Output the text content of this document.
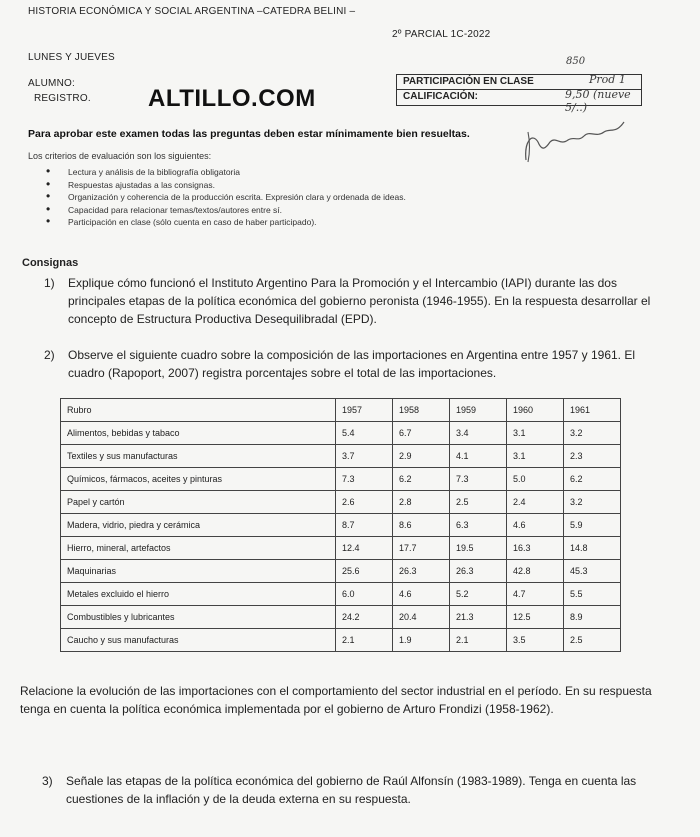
HISTORIA ECONÓMICA Y SOCIAL ARGENTINA –CATEDRA BELINI –
2º PARCIAL 1C-2022
LUNES Y JUEVES
ALUMNO:
REGISTRO. ALTILLO.COM
850
PARTICIPACIÓN EN CLASE	Prod 1
CALIFICACIÓN:	9,50 (nueve 5/..)
Para aprobar este examen todas las preguntas deben estar mínimamente bien resueltas.
Los criterios de evaluación son los siguientes:
• Lectura y análisis de la bibliografía obligatoria
• Respuestas ajustadas a las consignas.
• Organización y coherencia de la producción escrita. Expresión clara y ordenada de ideas.
• Capacidad para relacionar temas/textos/autores entre sí.
• Participación en clase (sólo cuenta en caso de haber participado).
Consignas
1) Explique cómo funcionó el Instituto Argentino Para la Promoción y el Intercambio (IAPI) durante las dos principales etapas de la política económica del gobierno peronista (1946-1955). En la respuesta desarrollar el concepto de Estructura Productiva Desequilibradal (EPD).
2) Observe el siguiente cuadro sobre la composición de las importaciones en Argentina entre 1957 y 1961. El cuadro (Rapoport, 2007) registra porcentajes sobre el total de las importaciones.
Rubro	1957	1958	1959	1960	1961
Alimentos, bebidas y tabaco	5.4	6.7	3.4	3.1	3.2
Textiles y sus manufacturas	3.7	2.9	4.1	3.1	2.3
Químicos, fármacos, aceites y pinturas	7.3	6.2	7.3	5.0	6.2
Papel y cartón	2.6	2.8	2.5	2.4	3.2
Madera, vidrio, piedra y cerámica	8.7	8.6	6.3	4.6	5.9
Hierro, mineral, artefactos	12.4	17.7	19.5	16.3	14.8
Maquinarias	25.6	26.3	26.3	42.8	45.3
Metales excluido el hierro	6.0	4.6	5.2	4.7	5.5
Combustibles y lubricantes	24.2	20.4	21.3	12.5	8.9
Caucho y sus manufacturas	2.1	1.9	2.1	3.5	2.5
Relacione la evolución de las importaciones con el comportamiento del sector industrial en el período. En su respuesta tenga en cuenta la política económica implementada por el gobierno de Arturo Frondizi (1958-1962).
3) Señale las etapas de la política económica del gobierno de Raúl Alfonsín (1983-1989). Tenga en cuenta las cuestiones de la inflación y de la deuda externa en su respuesta.
